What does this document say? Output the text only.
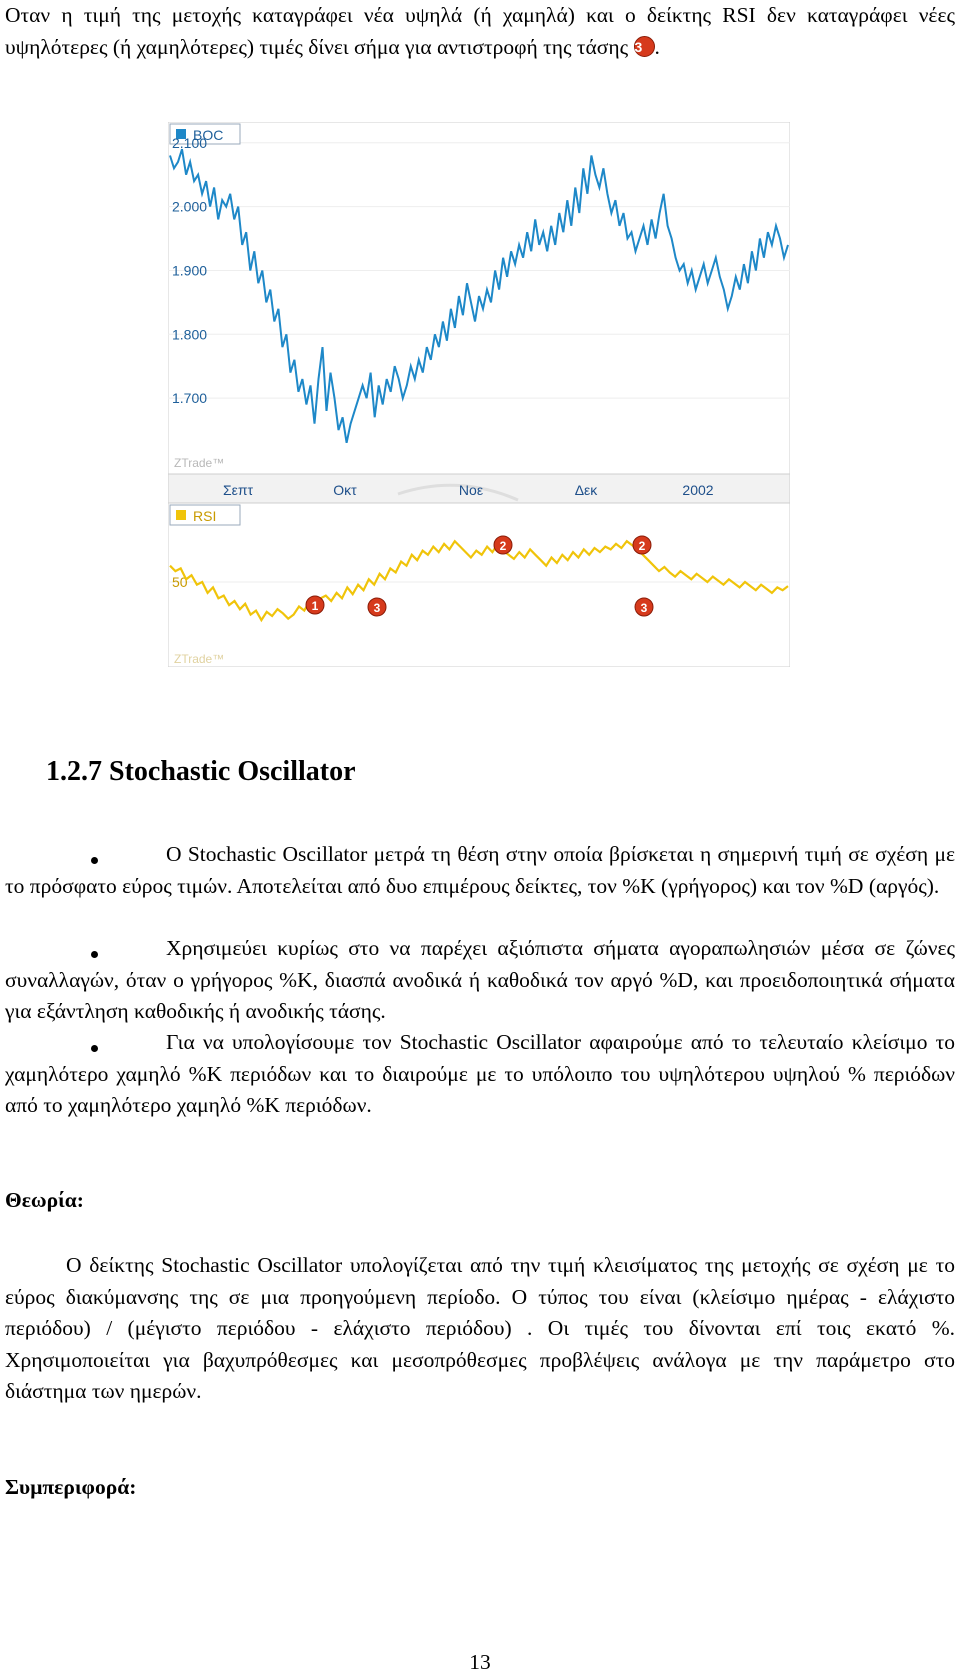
Οταν η τιμή της μετοχής καταγράφει νέα υψηλά (ή χαμηλά) και ο δείκτης RSI δεν καταγράφει νέες υψηλότερες (ή χαμηλότερες) τιμές δίνει σήμα για αντιστροφή της τάσης 3 .

BOC
2.100
2.000
1.900
1.800
1.700
ZTrade™
Σεπτ	Οκτ	Νοε	Δεκ	2002
RSI
50
ZTrade™
2	2
1	3	3
1.2.7 Stochastic Oscillator

Ο Stochastic Oscillator μετρά τη θέση στην οποία βρίσκεται η σημερινή τιμή σε σχέση με το πρόσφατο εύρος τιμών. Αποτελείται από δυο επιμέρους δείκτες, τον %Κ (γρήγορος) και τον %D (αργός).

Χρησιμεύει κυρίως στο να παρέχει αξιόπιστα σήματα αγοραπωλησιών μέσα σε ζώνες συναλλαγών, όταν ο γρήγορος %Κ, διασπά ανοδικά ή καθοδικά τον αργό %D, και προειδοποιητικά σήματα για εξάντληση καθοδικής ή ανοδικής τάσης.

Για να υπολογίσουμε τον Stochastic Oscillator αφαιρούμε από το τελευταίο κλείσιμο το χαμηλότερο χαμηλό %Κ περιόδων και το διαιρούμε με το υπόλοιπο του υψηλότερου υψηλού % περιόδων από το χαμηλότερο χαμηλό %Κ περιόδων.

Θεωρία:

Ο δείκτης Stochastic Oscillator υπολογίζεται από την τιμή κλεισίματος της μετοχής σε σχέση με το εύρος διακύμανσης της σε μια προηγούμενη περίοδο. Ο τύπος του είναι (κλείσιμο ημέρας - ελάχιστο περιόδου) / (μέγιστο περιόδου - ελάχιστο περιόδου) . Οι τιμές του δίνονται επί τοις εκατό %. Χρησιμοποιείται για βαχυπρόθεσμες και μεσοπρόθεσμες προβλέψεις ανάλογα με την παράμετρο στο διάστημα των ημερών.

Συμπεριφορά:
13
